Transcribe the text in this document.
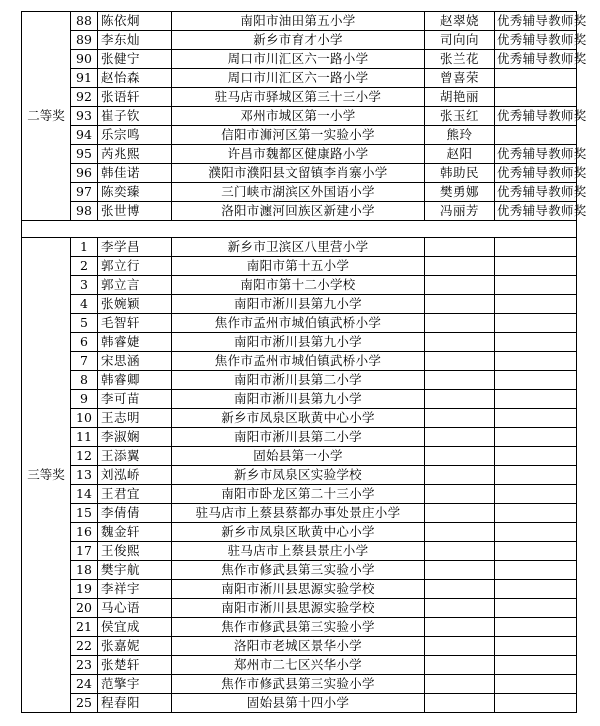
二等奖	88	陈依炯	南阳市油田第五小学	赵翠娆	优秀辅导教师奖
	89	李东灿	新乡市育才小学	司向向	优秀辅导教师奖
	90	张健宁	周口市川汇区六一路小学	张兰花	优秀辅导教师奖
	91	赵怡森	周口市川汇区六一路小学	曾喜荣	
	92	张语轩	驻马店市驿城区第三十三小学	胡艳丽	
	93	崔子钦	邓州市城区第一小学	张玉红	优秀辅导教师奖
	94	乐宗鸣	信阳市浉河区第一实验小学	熊玲	
	95	芮兆熙	许昌市魏都区健康路小学	赵阳	优秀辅导教师奖
	96	韩佳诺	濮阳市濮阳县文留镇李肖寨小学	韩助民	优秀辅导教师奖
	97	陈奕臻	三门峡市湖滨区外国语小学	樊勇娜	优秀辅导教师奖
	98	张世博	洛阳市瀍河回族区新建小学	冯丽芳	优秀辅导教师奖

三等奖	1	李学昌	新乡市卫滨区八里营小学		
	2	郭立行	南阳市第十五小学		
	3	郭立言	南阳市第十二小学校		
	4	张婉颖	南阳市淅川县第九小学		
	5	毛智轩	焦作市孟州市城伯镇武桥小学		
	6	韩睿婕	南阳市淅川县第九小学		
	7	宋思涵	焦作市孟州市城伯镇武桥小学		
	8	韩睿卿	南阳市淅川县第二小学		
	9	李可苗	南阳市淅川县第九小学		
	10	王志明	新乡市凤泉区耿黄中心小学		
	11	李淑娴	南阳市淅川县第二小学		
	12	王添翼	固始县第一小学		
	13	刘泓峤	新乡市凤泉区实验学校		
	14	王君宜	南阳市卧龙区第二十三小学		
	15	李倩倩	驻马店市上蔡县蔡都办事处景庄小学		
	16	魏金轩	新乡市凤泉区耿黄中心小学		
	17	王俊熙	驻马店市上蔡县景庄小学		
	18	樊宇航	焦作市修武县第三实验小学		
	19	李祥宇	南阳市淅川县思源实验学校		
	20	马心语	南阳市淅川县思源实验学校		
	21	侯宜成	焦作市修武县第三实验小学		
	22	张嘉妮	洛阳市老城区景华小学		
	23	张楚轩	郑州市二七区兴华小学		
	24	范擎宇	焦作市修武县第三实验小学		
	25	程春阳	固始县第十四小学		
